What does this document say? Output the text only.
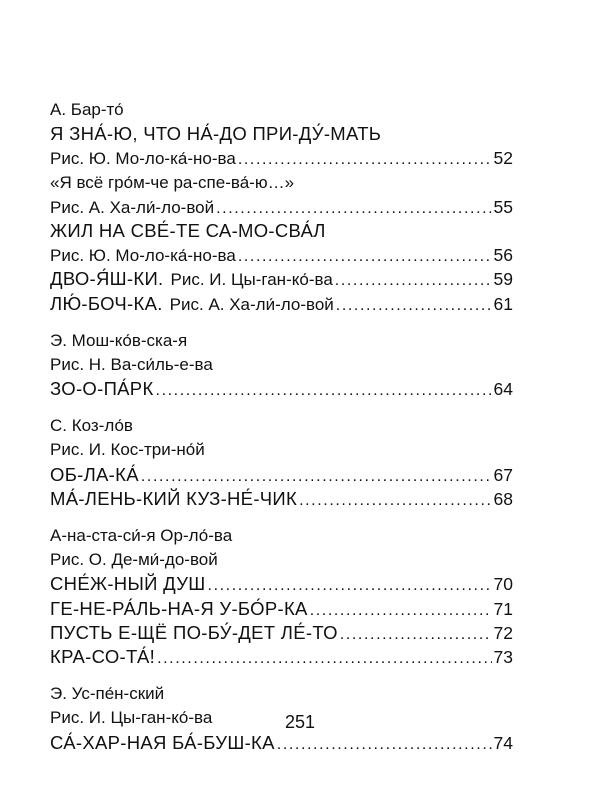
А. Бар-то́
Я ЗНА́-Ю, ЧТО НА́-ДО ПРИ-ДУ́-МАТЬ
Рис. Ю. Мо-ло-ка́-но-ва .....	52
«Я всё гро́м-че ра-спе-ва́-ю…»
Рис. А. Ха-ли́-ло-вой .....	55
ЖИЛ НА СВЕ́-ТЕ СА-МО-СВА́Л
Рис. Ю. Мо-ло-ка́-но-ва .....	56
ДВО-Я́Ш-КИ. Рис. И. Цы-ган-ко́-ва .....	59
ЛЮ́-БОЧ-КА. Рис. А. Ха-ли́-ло-вой .....	61
Э. Мош-ко́в-ска-я
Рис. Н. Ва-си́ль-е-ва
ЗО-О-ПА́РК .....	64
С. Коз-ло́в
Рис. И. Кос-три-но́й
ОБ-ЛА-КА́ .....	67
МА́-ЛЕНЬ-КИЙ КУЗ-НЕ́-ЧИК .....	68
А-на-ста-си́-я Ор-ло́-ва
Рис. О. Де-ми́-до-вой
СНЕ́Ж-НЫЙ ДУШ .....	70
ГЕ-НЕ-РА́ЛЬ-НА-Я У-БО́Р-КА .....	71
ПУСТЬ Е-ЩЁ ПО-БУ́-ДЕТ ЛЕ́-ТО .....	72
КРА-СО-ТА́! .....	73
Э. Ус-пе́н-ский
Рис. И. Цы-ган-ко́-ва
СА́-ХАР-НАЯ БА́-БУШ-КА .....	74
251
